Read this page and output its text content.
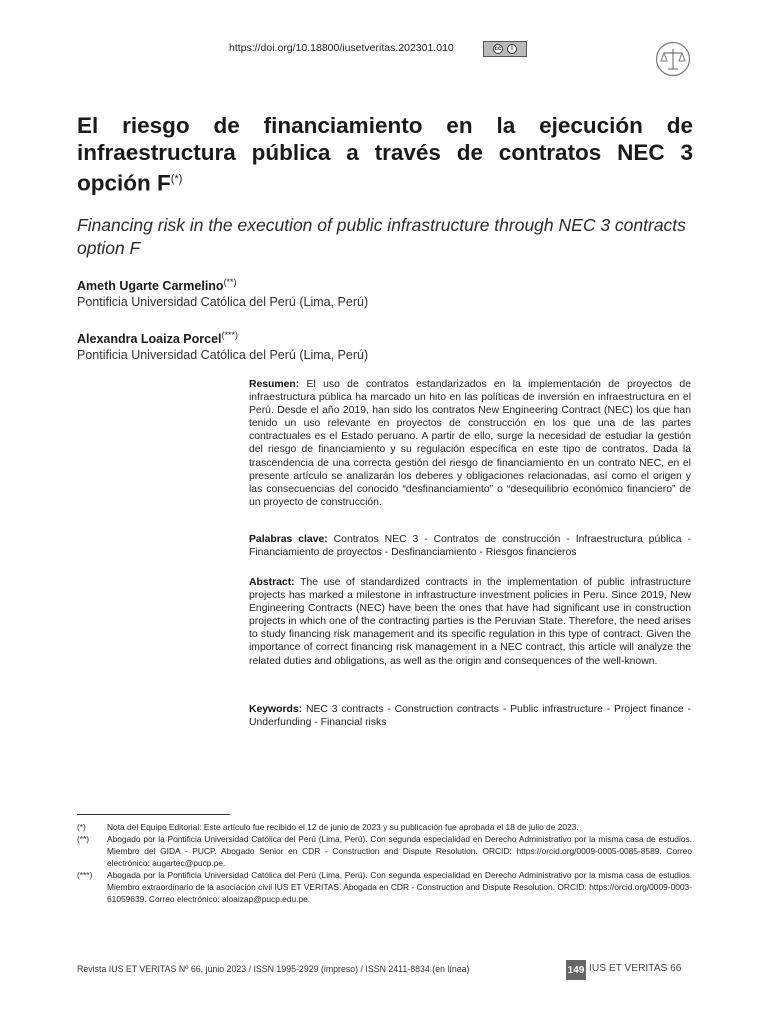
https://doi.org/10.18800/iusetveritas.202301.010	cc	i
El riesgo de financiamiento en la ejecución de infraestructura pública a través de contratos NEC 3 opción F(*)
Financing risk in the execution of public infrastructure through NEC 3 contracts option F
Ameth Ugarte Carmelino(**)
Pontificia Universidad Católica del Perú (Lima, Perú)
Alexandra Loaiza Porcel(***)
Pontificia Universidad Católica del Perú (Lima, Perú)
Resumen: El uso de contratos estandarizados en la implementación de proyectos de infraestructura pública ha marcado un hito en las políticas de inversión en infraestructura en el Perú. Desde el año 2019, han sido los contratos New Engineering Contract (NEC) los que han tenido un uso relevante en proyectos de construcción en los que una de las partes contractuales es el Estado peruano. A partir de ello, surge la necesidad de estudiar la gestión del riesgo de financiamiento y su regulación específica en este tipo de contratos. Dada la trascendencia de una correcta gestión del riesgo de financiamiento en un contrato NEC, en el presente artículo se analizarán los deberes y obligaciones relacionadas, así como el origen y las consecuencias del conocido “desfinanciamiento” o “desequilibrio económico financiero” de un proyecto de construcción.
Palabras clave: Contratos NEC 3 - Contratos de construcción - Infraestructura pública - Financiamiento de proyectos - Desfinanciamiento - Riesgos financieros
Abstract: The use of standardized contracts in the implementation of public infrastructure projects has marked a milestone in infrastructure investment policies in Peru. Since 2019, New Engineering Contracts (NEC) have been the ones that have had significant use in construction projects in which one of the contracting parties is the Peruvian State. Therefore, the need arises to study financing risk management and its specific regulation in this type of contract. Given the importance of correct financing risk management in a NEC contract, this article will analyze the related duties and obligations, as well as the origin and consequences of the well-known.
Keywords: NEC 3 contracts - Construction contracts - Public infrastructure - Project finance - Underfunding - Financial risks
(*)	Nota del Equipo Editorial: Este artículo fue recibido el 12 de junio de 2023 y su publicación fue aprobada el 18 de julio de 2023.
(**) Abogado por la Pontificia Universidad Católica del Perú (Lima, Perú). Con segunda especialidad en Derecho Administrativo por la misma casa de estudios. Miembro del GIDA - PUCP. Abogado Senior en CDR - Construction and Dispute Resolution. ORCID: https://orcid.org/0009-0005-0085-8589. Correo electrónico: augartec@pucp.pe.
(***) Abogada por la Pontificia Universidad Católica del Perú (Lima, Perú). Con segunda especialidad en Derecho Administrativo por la misma casa de estudios. Miembro extraordinario de la asociación civil IUS ET VERITAS. Abogada en CDR - Construction and Dispute Resolution. ORCID: https://orcid.org/0009-0003- 61059639. Correo electrónico: aloaizap@pucp.edu.pe.
Revista IUS ET VERITAS Nº 66, junio 2023 / ISSN 1995-2929 (impreso) / ISSN 2411-8834 (en línea)	149 IUS ET VERITAS 66
